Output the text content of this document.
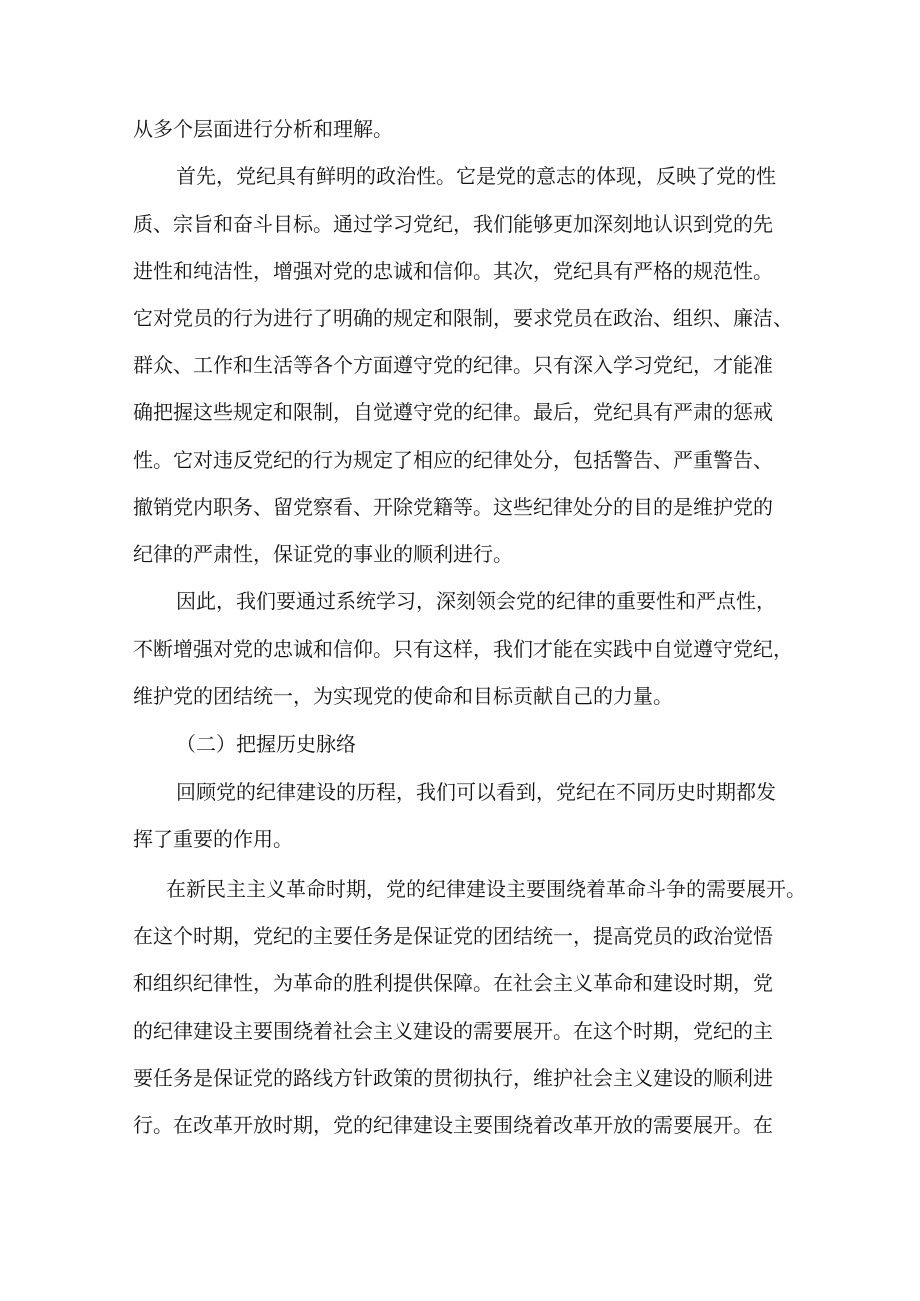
从多个层面进行分析和理解。
首先，党纪具有鲜明的政治性。它是党的意志的体现，反映了党的性
质、宗旨和奋斗目标。通过学习党纪，我们能够更加深刻地认识到党的先
进性和纯洁性，增强对党的忠诚和信仰。其次，党纪具有严格的规范性。
它对党员的行为进行了明确的规定和限制，要求党员在政治、组织、廉洁、
群众、工作和生活等各个方面遵守党的纪律。只有深入学习党纪，才能准
确把握这些规定和限制，自觉遵守党的纪律。最后，党纪具有严肃的惩戒
性。它对违反党纪的行为规定了相应的纪律处分，包括警告、严重警告、
撤销党内职务、留党察看、开除党籍等。这些纪律处分的目的是维护党的
纪律的严肃性，保证党的事业的顺利进行。
因此，我们要通过系统学习，深刻领会党的纪律的重要性和严点性，
不断增强对党的忠诚和信仰。只有这样，我们才能在实践中自觉遵守党纪，
维护党的团结统一，为实现党的使命和目标贡献自己的力量。
（二）把握历史脉络
回顾党的纪律建设的历程，我们可以看到，党纪在不同历史时期都发
挥了重要的作用。
在新民主主义革命时期，党的纪律建设主要围绕着革命斗争的需要展开。
在这个时期，党纪的主要任务是保证党的团结统一，提高党员的政治觉悟
和组织纪律性，为革命的胜利提供保障。在社会主义革命和建设时期，党
的纪律建设主要围绕着社会主义建设的需要展开。在这个时期，党纪的主
要任务是保证党的路线方针政策的贯彻执行，维护社会主义建设的顺利进
行。在改革开放时期，党的纪律建设主要围绕着改革开放的需要展开。在
